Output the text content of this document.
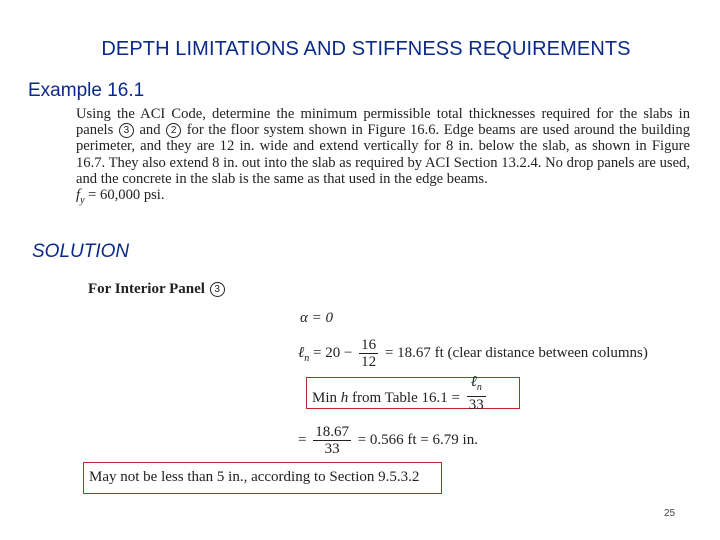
DEPTH LIMITATIONS AND STIFFNESS REQUIREMENTS
Example 16.1

Using the ACI Code, determine the minimum permissible total thicknesses required for the slabs in panels 3 and 2 for the floor system shown in Figure 16.6. Edge beams are used around the building perimeter, and they are 12 in. wide and extend vertically for 8 in. below the slab, as shown in Figure 16.7. They also extend 8 in. out into the slab as required by ACI Section 13.2.4. No drop panels are used, and the concrete in the slab is the same as that used in the edge beams.

$f_y = 60,000$ psi.

SOLUTION
For Interior Panel 3
α = 0
ℓ$_n$ = $20 - \frac{16}{12} = 18.67$ ft (clear distance between columns)
Min h from Table $16.1 = \frac{\ell_n}{33}$
= $\frac{18.67}{33} = 0.566$ ft = 6.79 in.
May not be less than 5 in., according to Section 9.5.3.2
25
